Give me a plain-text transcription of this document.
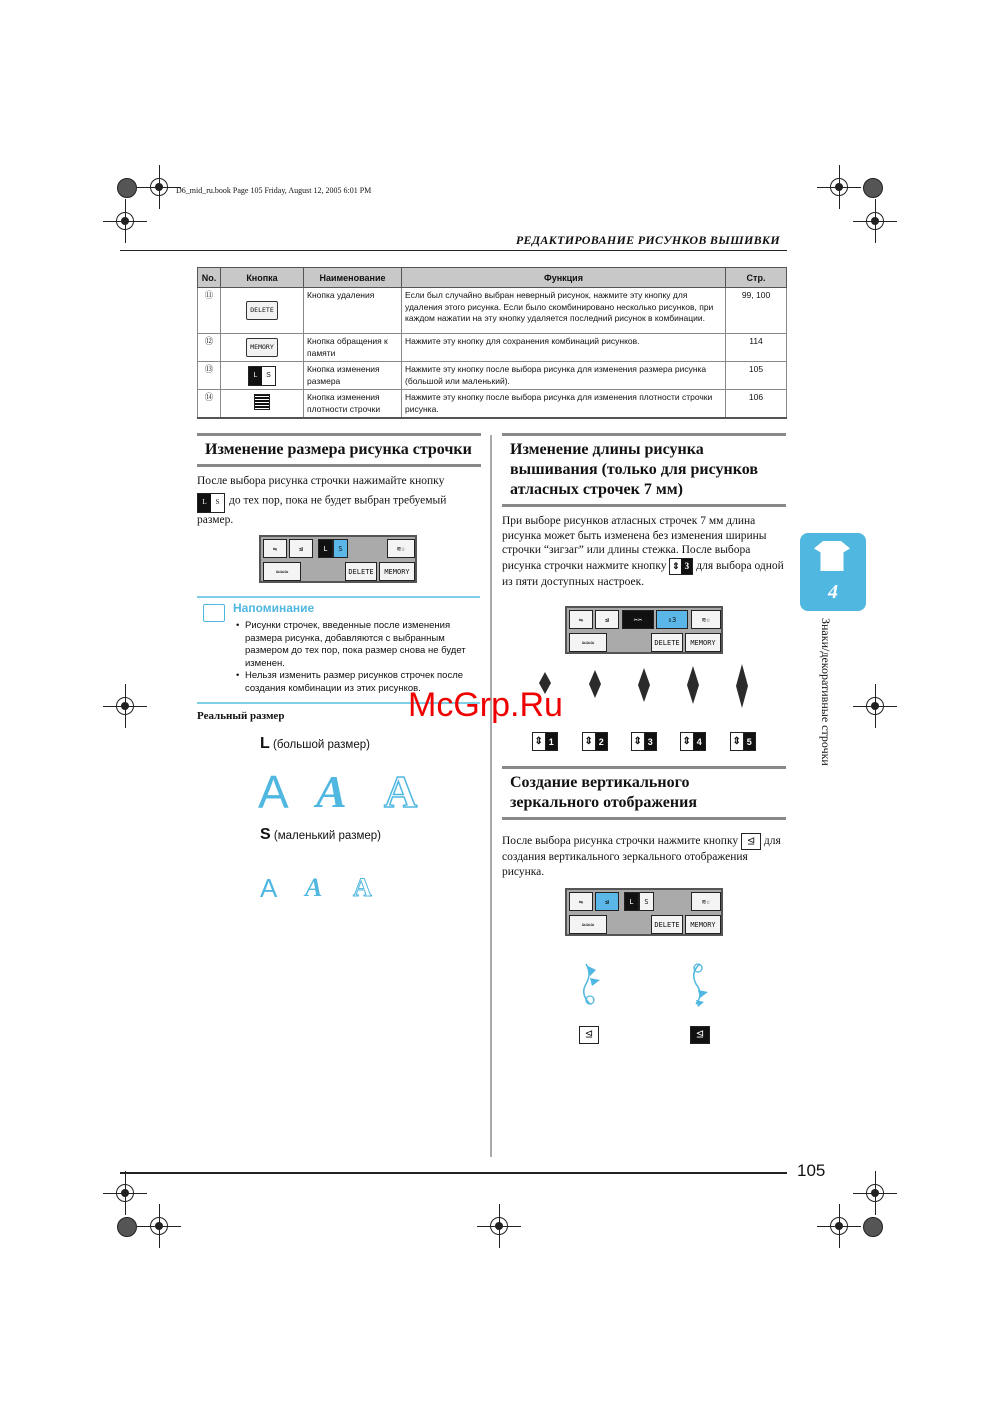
D6_mid_ru.book Page 105 Friday, August 12, 2005 6:01 PM
РЕДАКТИРОВАНИЕ РИСУНКОВ ВЫШИВКИ
No.	Кнопка	Наименование	Функция	Стр.
⑪	DELETE	Кнопка удаления	Если был случайно выбран неверный рисунок, нажмите эту кнопку для удаления этого рисунка. Если было скомбинировано несколько рисунков, при каждом нажатии на эту кнопку удаляется последний рисунок в комбинации.	99, 100
⑫	MEMORY	Кнопка обращения к памяти	Нажмите эту кнопку для сохранения комбинаций рисунков.	114
⑬	L S	Кнопка изменения размера	Нажмите эту кнопку после выбора рисунка для изменения размера рисунка (большой или маленький).	105
⑭		Кнопка изменения плотности строчки	Нажмите эту кнопку после выбора рисунка для изменения плотности строчки рисунка.	106
Изменение размера рисунка строчки
После выбора рисунка строчки нажимайте кнопку

L	S до тех пор, пока не будет выбран требуемый размер.
⇋	⊴	L	S	≋☆
≈≈≈	DELETE	MEMORY
Напоминание
• Рисунки строчек, введенные после изменения размера рисунка, добавляются с выбранным размером до тех пор, пока размер снова не будет изменен.
• Нельзя изменить размер рисунков строчек после создания комбинации из этих рисунков.
Реальный размер
L (большой размер)
A A A
S (маленький размер)
A A A
Изменение длины рисунка вышивания (только для рисунков атласных строчек 7 мм)
При выборе рисунков атласных строчек 7 мм длина рисунка может быть изменена без изменения ширины строчки “зигзаг” или длины стежка. После выбора рисунка строчки нажмите кнопку ⇕ 3 для выбора одной из пяти доступных настроек.
⇋	⊴	✂✂	⇕ 3	≋☆
≈≈≈	DELETE	MEMORY
⇕ 1	⇕ 2	⇕ 3	⇕ 4	⇕ 5
Создание вертикального зеркального отображения
После выбора рисунка строчки нажмите кнопку ⊴ для создания вертикального зеркального отображения рисунка.
⇋	⊴	L	S	≋☆
≈≈≈	DELETE	MEMORY
⊴	⊴
4
Знаки/декоративные строчки
McGrp.Ru
105
